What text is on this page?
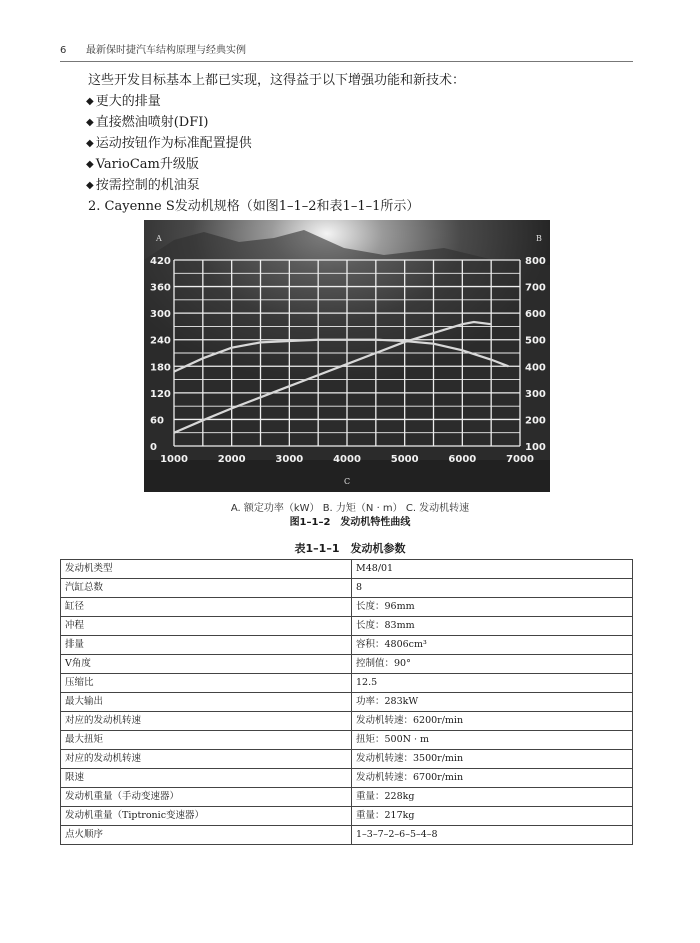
6 最新保时捷汽车结构原理与经典实例
这些开发目标基本上都已实现，这得益于以下增强功能和新技术：
◆ 更大的排量
◆ 直接燃油喷射(DFI)
◆ 运动按钮作为标准配置提供
◆ VarioCam升级版
◆ 按需控制的机油泵
2. Cayenne S发动机规格（如图1–1–2和表1–1–1所示）
A	B
C
0
60
120
180
240
300
360
420
100
200
300
400
500
600
700
800
1000	2000	3000	4000	5000	6000	7000
A. 额定功率（kW） B. 力矩（N · m） C. 发动机转速
图1–1–2　发动机特性曲线
表1–1–1　发动机参数
发动机类型	M48/01
汽缸总数	8
缸径	长度：96mm
冲程	长度：83mm
排量	容积：4806cm³
V角度	控制值：90°
压缩比	12.5
最大输出	功率：283kW
对应的发动机转速	发动机转速：6200r/min
最大扭矩	扭矩：500N · m
对应的发动机转速	发动机转速：3500r/min
限速	发动机转速：6700r/min
发动机重量（手动变速器）	重量：228kg
发动机重量（Tiptronic变速器）	重量：217kg
点火顺序	1–3–7–2–6–5–4–8
